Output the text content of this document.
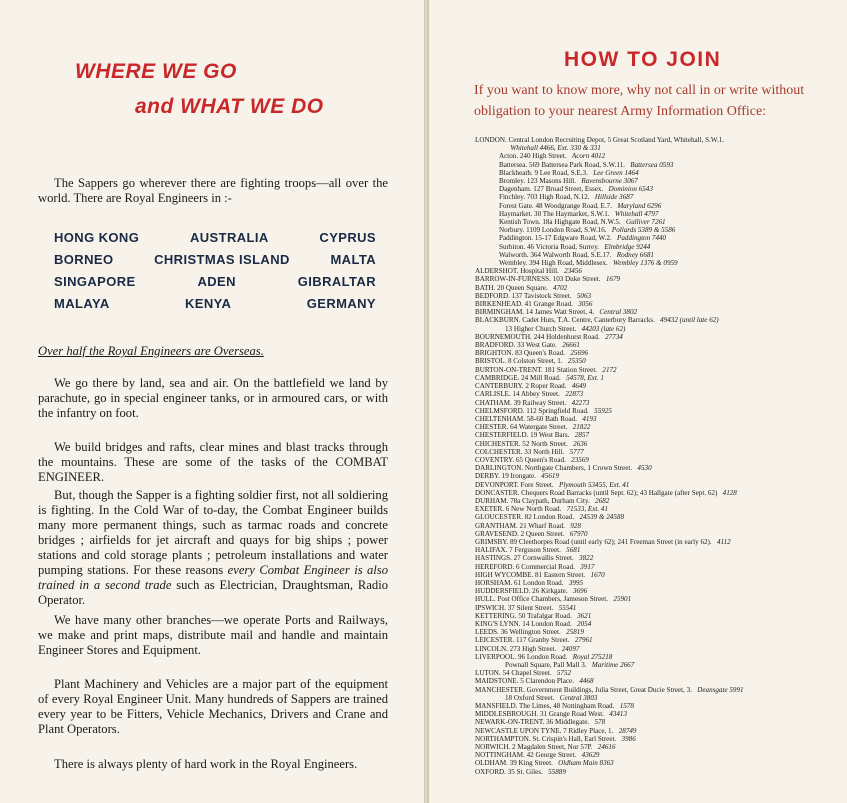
WHERE WE GO
and WHAT WE DO

The Sappers go wherever there are fighting troops—all over the world. There are Royal Engineers in :-

HONG KONG	AUSTRALIA	CYPRUS
BORNEO	CHRISTMAS ISLAND	MALTA
SINGAPORE	ADEN	GIBRALTAR
MALAYA	KENYA	GERMANY
Over half the Royal Engineers are Overseas.

We go there by land, sea and air. On the battlefield we land by parachute, go in special engineer tanks, or in armoured cars, or with the infantry on foot.

We build bridges and rafts, clear mines and blast tracks through the mountains. These are some of the tasks of the COMBAT ENGINEER.

But, though the Sapper is a fighting soldier first, not all soldiering is fighting. In the Cold War of to-day, the Combat Engineer builds many more permanent things, such as tarmac roads and concrete bridges ; airfields for jet aircraft and quays for big ships ; power stations and cold storage plants ; petroleum installations and water pumping stations. For these reasons every Combat Engineer is also trained in a second trade such as Electrician, Draughtsman, Radio Operator.

We have many other branches—we operate Ports and Railways, we make and print maps, distribute mail and handle and maintain Engineer Stores and Equipment.

Plant Machinery and Vehicles are a major part of the equipment of every Royal Engineer Unit. Many hundreds of Sappers are trained every year to be Fitters, Vehicle Mechanics, Drivers and Crane and Plant Operators.

There is always plenty of hard work in the Royal Engineers.

HOW TO JOIN

If you want to know more, why not call in or write without obligation to your nearest Army Information Office:

LONDON. Central London Recruiting Depot, 5 Great Scotland Yard, Whitehall, S.W.1.
Whitehall 4466, Ext. 330 & 331
Acton. 240 High Street. Acorn 4012
Battersea. 569 Battersea Park Road, S.W.11. Battersea 0593
Blackheath. 9 Lee Road, S.E.3. Lee Green 1464
Bromley. 123 Masons Hill. Ravensbourne 3067
Dagenham. 127 Broad Street, Essex. Dominion 6543
Finchley. 703 High Road, N.12. Hillside 3687
Forest Gate. 48 Woodgrange Road, E.7. Maryland 6296
Haymarket. 30 The Haymarket, S.W.1. Whitehall 4797
Kentish Town. 18a Highgate Road, N.W.5. Gulliver 7261
Norbury. 1109 London Road, S.W.16. Pollards 5389 & 5586
Paddington. 15-17 Edgware Road, W.2. Paddington 7440
Surbiton. 46 Victoria Road, Surrey. Elmbridge 9244
Walworth. 364 Walworth Road, S.E.17. Rodney 6681
Wembley. 394 High Road, Middlesex. Wembley 1376 & 0959
ALDERSHOT. Hospital Hill. 23456
BARROW-IN-FURNESS. 103 Duke Street. 1679
BATH. 20 Queen Square. 4702
BEDFORD. 137 Tavistock Street. 5063
BIRKENHEAD. 41 Grange Road. 3056
BIRMINGHAM. 14 James Watt Street, 4. Central 3802
BLACKBURN. Cadet Huts, T.A. Centre, Canterbury Barracks. 49432 (until late 62)
13 Higher Church Street. 44203 (late 62)
BOURNEMOUTH. 244 Holdenhurst Road. 27734
BRADFORD. 33 West Gate. 26661
BRIGHTON. 83 Queen's Road. 25696
BRISTOL. 8 Colston Street, 1. 25350
BURTON-ON-TRENT. 181 Station Street. 2172
CAMBRIDGE. 24 Mill Road. 54578, Ext. 1
CANTERBURY. 2 Roper Road. 4649
CARLISLE. 14 Abbey Street. 22873
CHATHAM. 39 Railway Street. 42273
CHELMSFORD. 112 Springfield Road. 55925
CHELTENHAM. 58-60 Bath Road. 4193
CHESTER. 64 Watergate Street. 21822
CHESTERFIELD. 19 West Bars. 2857
CHICHESTER. 52 North Street. 2636
COLCHESTER. 33 North Hill. 5777
COVENTRY. 65 Queen's Road. 23569
DARLINGTON. Northgate Chambers, 1 Crown Street. 4530
DERBY. 19 Irongate. 45619
DEVONPORT. Fore Street. Plymouth 53455, Ext. 41
DONCASTER. Chequers Road Barracks (until Sept. 62); 43 Hallgate (after Sept. 62) 4128
DURHAM. 78a Claypath, Durham City. 2682
EXETER. 6 New North Road. 71533, Ext. 41
GLOUCESTER. 82 London Road. 24539 & 24588
GRANTHAM. 21 Wharf Road. 928
GRAVESEND. 2 Queen Street. 67970
GRIMSBY. 89 Cleethorpes Road (until early 62); 241 Freeman Street (in early 62). 4112
HALIFAX. 7 Ferguson Street. 5681
HASTINGS. 27 Cornwallis Street. 3822
HEREFORD. 6 Commercial Road. 3917
HIGH WYCOMBE. 81 Eastern Street. 1670
HORSHAM. 61 London Road. 3995
HUDDERSFIELD. 26 Kirkgate. 3696
HULL. Post Office Chambers, Jameson Street. 25901
IPSWICH. 37 Silent Street. 55541
KETTERING. 50 Trafalgar Road. 3621
KING'S LYNN. 14 London Road. 2054
LEEDS. 36 Wellington Street. 25819
LEICESTER. 117 Granby Street. 27961
LINCOLN. 273 High Street. 24097
LIVERPOOL. 96 London Road. Royal 275218
Pownall Square, Pall Mall 3. Maritime 2667
LUTON. 54 Chapel Street. 5752
MAIDSTONE. 5 Clarendon Place. 4468
MANCHESTER. Government Buildings, Julia Street, Great Ducie Street, 3. Deansgate 5991
18 Oxford Street. Central 3803
MANSFIELD. The Limes, 48 Nottingham Road. 1578
MIDDLESBROUGH. 31 Grange Road West. 43413
NEWARK-ON-TRENT. 36 Middlegate. 578
NEWCASTLE UPON TYNE. 7 Ridley Place, 1. 28749
NORTHAMPTON. St. Crispin's Hall, Earl Street. 3986
NORWICH. 2 Magdalen Street, Nor 57P. 24616
NOTTINGHAM. 42 George Street. 43629
OLDHAM. 39 King Street. Oldham Main 8363
OXFORD. 35 St. Giles. 55889
